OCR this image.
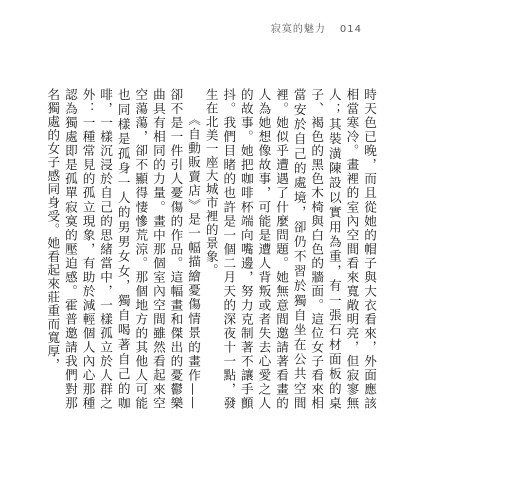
寂寞的魅力 014

時天色已晚，而且從她的帽子與大衣看來，外面應該相當寒冷。畫裡的室內空間看來寬敞明亮，但寂寥無人；其裝潢陳設以實用為重，有一張石材面板的桌子、褐色的黑色木椅與白色的牆面。這位女子看來相當安於自己的處境，卻仍不習於獨自坐在公共空間裡。她似乎遭遇了什麼問題。她無意間邀請著看畫的人為她想像故事，可能是遭人背叛或者失去心愛之人的故事。她把咖啡杯端向嘴邊，努力克制著不讓手顫抖。我們目睹的也許是一個二月天的深夜十一點，發生在北美一座大城市裡的景象。

《自動販賣店》是一幅描繪憂傷情景的畫作——卻不是一件引人憂傷的作品。這幅畫和傑出的憂鬱樂曲具有相同的力量。畫中那個室內空間雖然看起來空空蕩蕩，卻不顯得悽慘荒涼。那個地方的其他人可能也同樣是孤身一人的男男女女，獨自喝著自己的咖啡，一樣沉浸於自己的思緒當中，一樣孤立於人群之外：一種常見的孤立現象，有助於減輕個人內心那種認為獨處即是孤單寂寞的壓迫感。霍普邀請我們對那名獨處的女子感同身受。她看起來莊重而寬厚，
